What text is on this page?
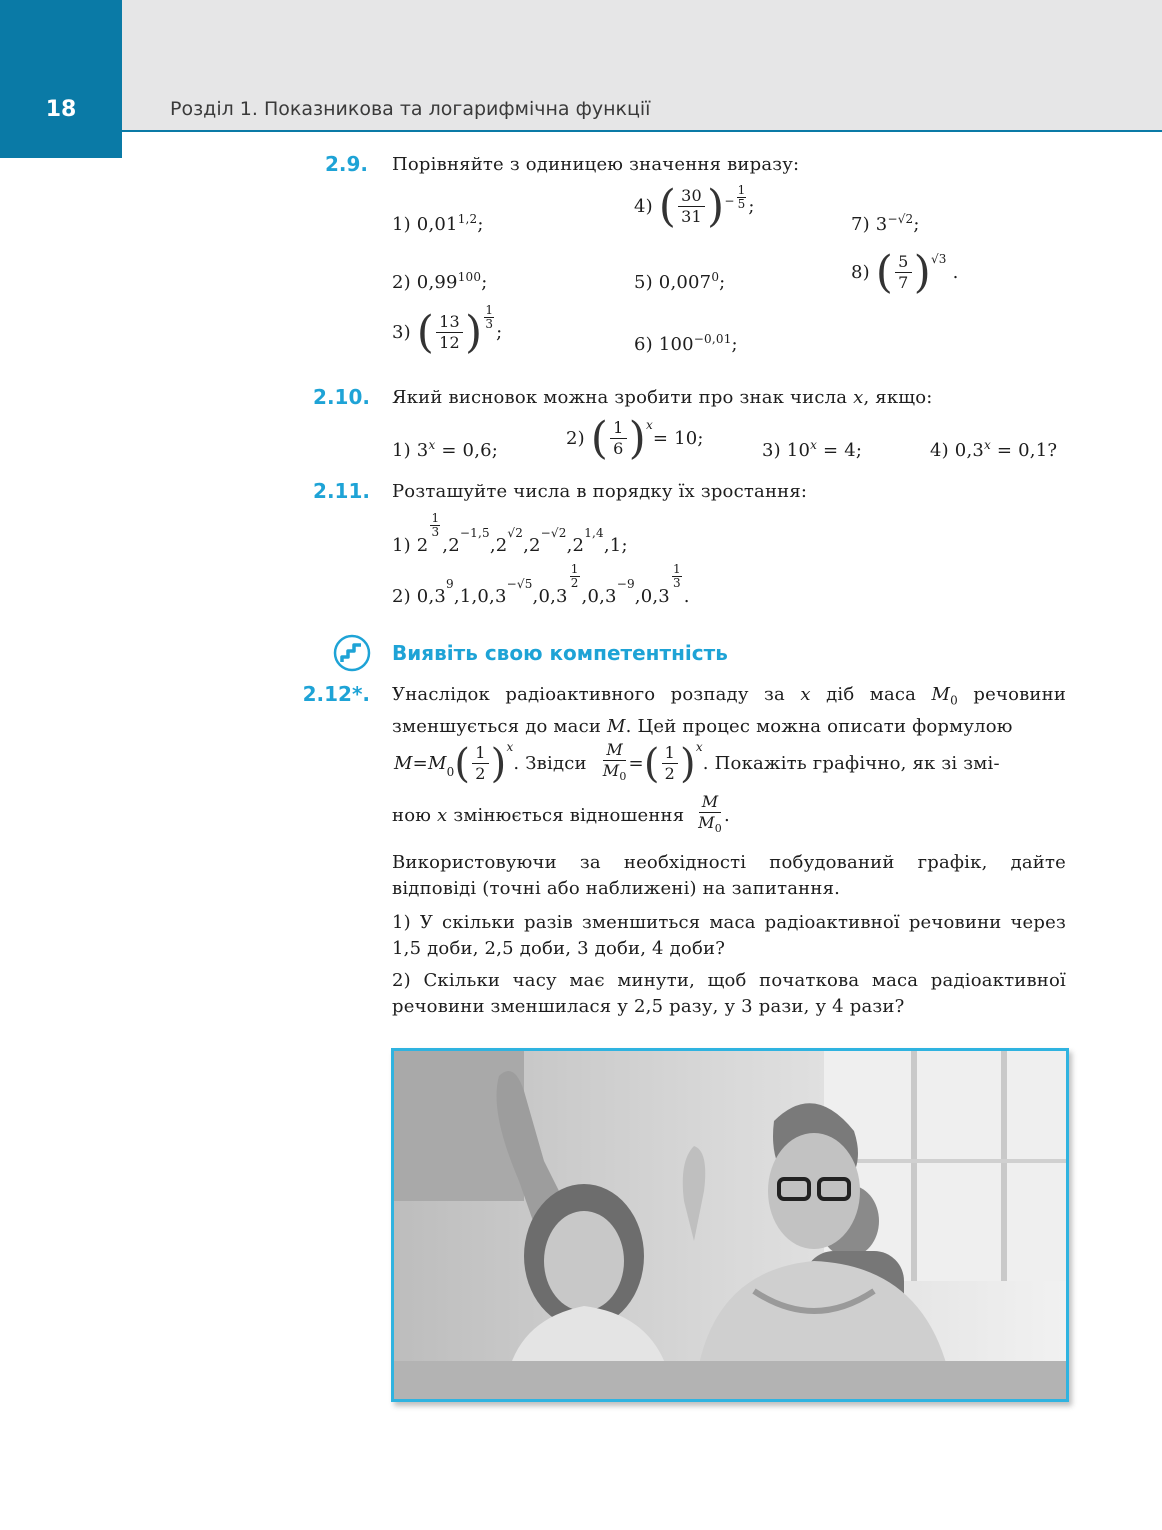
18	Розділ 1. Показникова та логарифмічна функції
2.9. Порівняйте з одиницею значення виразу:
1) 0,01$^{1,2}$;
2) 0,99$^{100}$;
3)
( $\frac{13}{12}$ ) $\frac{1}{3}$
;
4)
( $\frac{30}{31}$ ) − $\frac{1}{5}$ ;
5) 0,007$^0$;
6) $100^{-0,01}$;
7) $3^{-√2}$;
8)
( $\frac{5}{7} )^{√3}$
.
2.10. Який висновок можна зробити про знак числа x, якщо:
1) $3^x = 0,6$;
2)
( $\frac{1}{6} )^x$
= 10;
3) $10^x = 4$;	4) $0,3^x = 0,1$?
2.11. Розташуйте числа в порядку їх зростання:
1)
2
$\frac{1}{3}$
, 2
$^{-1,5}$
, 2
$^{√2}$
, 2
$^{-√2}$
, 2
$^{1,4}$
, 1;
2)
0,3
$^9$
, 1 , 0,3
$^{-√5}$
, 0,3
$\frac{1}{2}$
, 0,3
$^{-9}$
, 0,3
$\frac{1}{3}$
.
Виявіть свою компетентність
2.12*. Унаслідок радіоактивного розпаду за x діб маса $M_0$ речовини зменшується до маси M. Цей процес можна описати формулою
$M = M_0$ ( $\frac{1}{2} )^x$
. Звідси $\frac{M}{M_0}$ = ( $\frac{1}{2} )^x$
. Покажіть графічно, як зі змі-
ною
x
змінюється відношення
$\frac{M}{M_0}$ .
Використовуючи за необхідності побудований графік, дайте відповіді (точні або наближені) на запитання.
1) У скільки разів зменшиться маса радіоактивної речовини через 1,5 доби, 2,5 доби, 3 доби, 4 доби?
2) Скільки часу має минути, щоб початкова маса радіоактивної речовини зменшилася у 2,5 разу, у 3 рази, у 4 рази?
